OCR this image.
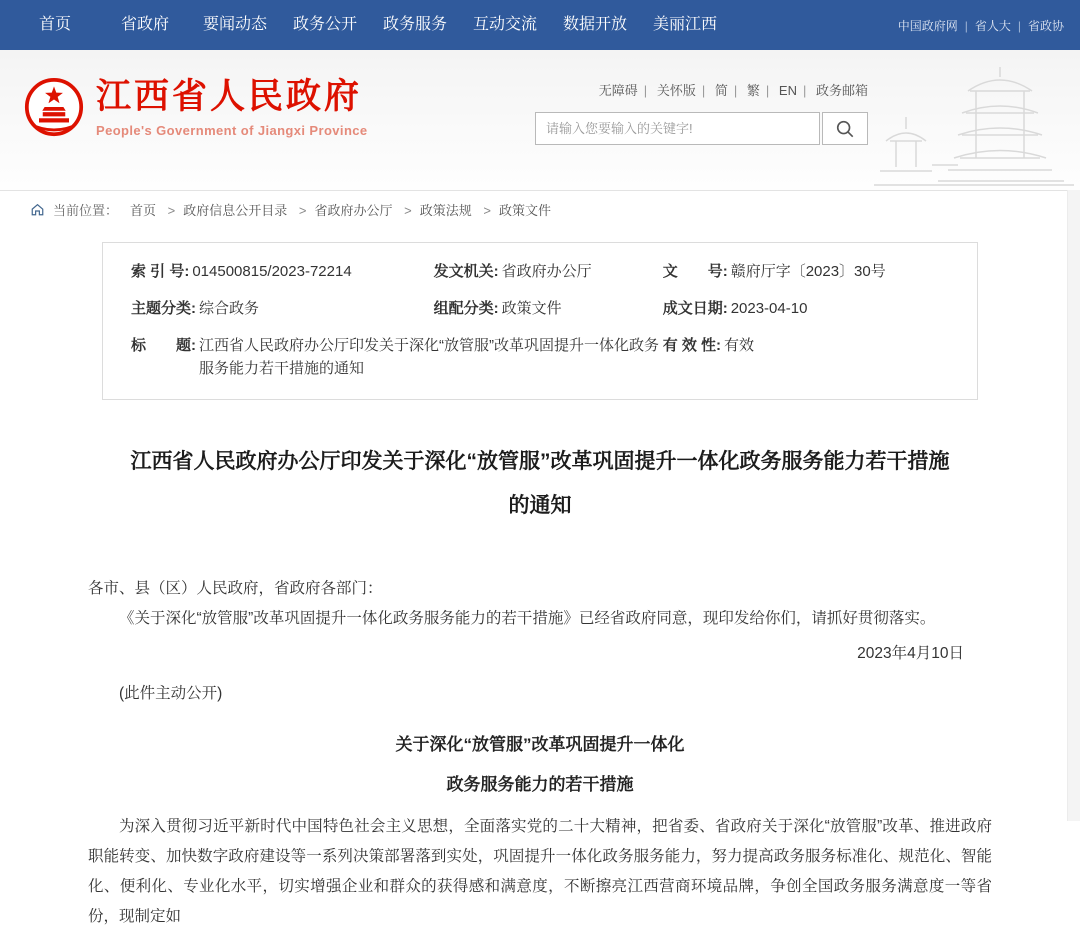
首页	省政府	要闻动态	政务公开	政务服务	互动交流	数据开放	美丽江西	中国政府网 |	省人大 |	省政协
江西省人民政府
People's Government of Jiangxi Province
无障碍 | 关怀版 | 简 | 繁 | EN | 政务邮箱
请输入您要输入的关键字!
当前位置： 首页 > 政府信息公开目录 > 省政府办公厅 > 政策法规 > 政策文件
索 引 号: 014500815/2023-72214	发文机关: 省政府办公厅	文　　号: 赣府厅字〔2023〕30号
主题分类: 综合政务	组配分类: 政策文件	成文日期: 2023-04-10
标　　题: 江西省人民政府办公厅印发关于深化“放管服”改革巩固提升一体化政务服务能力若干措施的通知
有 效 性: 有效
江西省人民政府办公厅印发关于深化“放管服”改革巩固提升一体化政务服务能力若干措施
的通知

各市、县（区）人民政府，省政府各部门：

《关于深化“放管服”改革巩固提升一体化政务服务能力的若干措施》已经省政府同意，现印发给你们，请抓好贯彻落实。

2023年4月10日

(此件主动公开)

关于深化“放管服”改革巩固提升一体化

政务服务能力的若干措施

为深入贯彻习近平新时代中国特色社会主义思想，全面落实党的二十大精神，把省委、省政府关于深化“放管服”改革、推进政府职能转变、加快数字政府建设等一系列决策部署落到实处，巩固提升一体化政务服务能力，努力提高政务服务标准化、规范化、智能化、便利化、专业化水平，切实增强企业和群众的获得感和满意度，不断擦亮江西营商环境品牌，争创全国政务服务满意度一等省份，现制定如
